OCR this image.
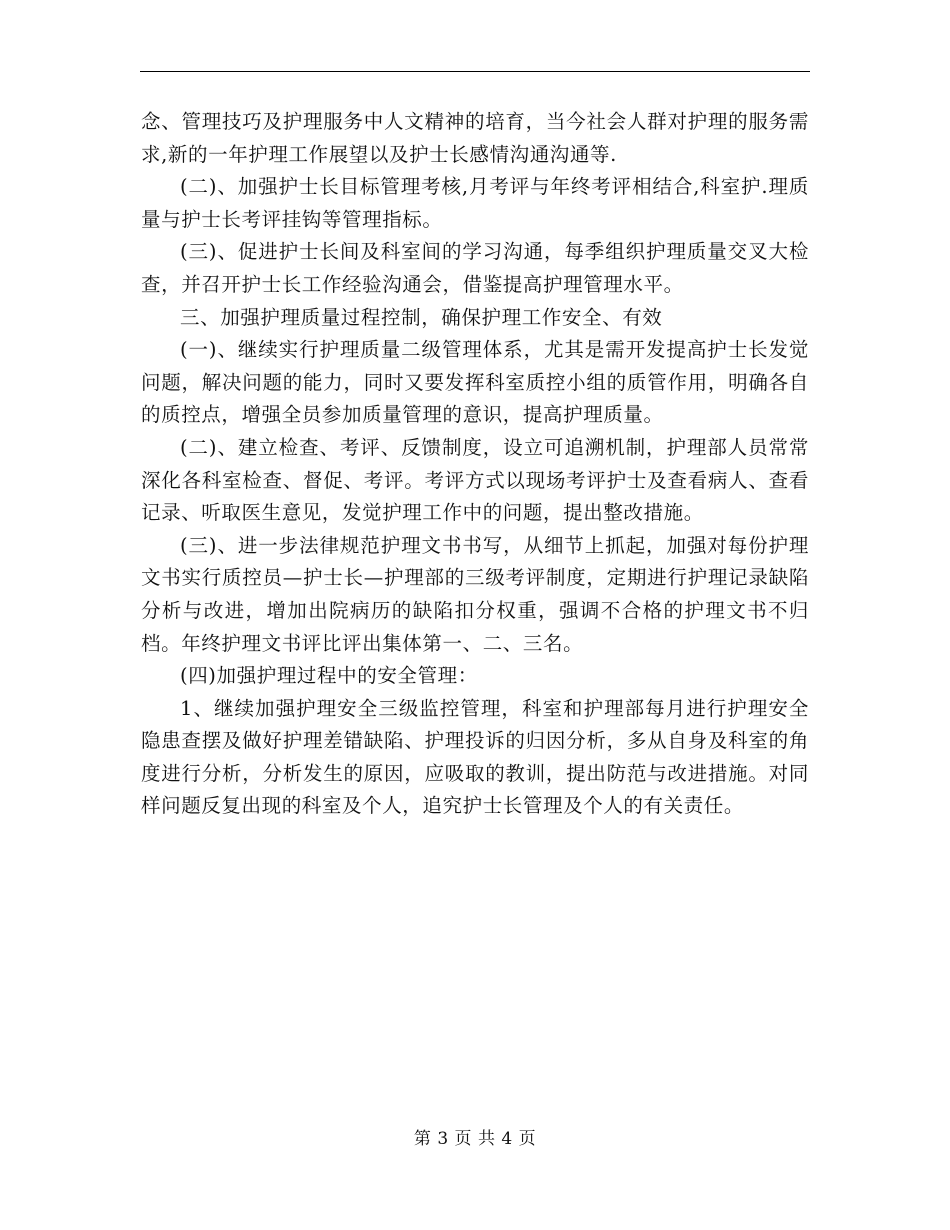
念、管理技巧及护理服务中人文精神的培育，当今社会人群对护理的服务需求,新的一年护理工作展望以及护士长感情沟通沟通等.

(二)、加强护士长目标管理考核,月考评与年终考评相结合,科室护.理质量与护士长考评挂钩等管理指标。

(三)、促进护士长间及科室间的学习沟通，每季组织护理质量交叉大检查，并召开护士长工作经验沟通会，借鉴提高护理管理水平。

三、加强护理质量过程控制，确保护理工作安全、有效

(一)、继续实行护理质量二级管理体系，尤其是需开发提高护士长发觉问题，解决问题的能力，同时又要发挥科室质控小组的质管作用，明确各自的质控点，增强全员参加质量管理的意识，提高护理质量。

(二)、建立检查、考评、反馈制度，设立可追溯机制，护理部人员常常深化各科室检查、督促、考评。考评方式以现场考评护士及查看病人、查看记录、听取医生意见，发觉护理工作中的问题，提出整改措施。

(三)、进一步法律规范护理文书书写，从细节上抓起，加强对每份护理文书实行质控员—护士长—护理部的三级考评制度，定期进行护理记录缺陷分析与改进，增加出院病历的缺陷扣分权重，强调不合格的护理文书不归档。年终护理文书评比评出集体第一、二、三名。

(四)加强护理过程中的安全管理：

1、继续加强护理安全三级监控管理，科室和护理部每月进行护理安全隐患查摆及做好护理差错缺陷、护理投诉的归因分析，多从自身及科室的角度进行分析，分析发生的原因，应吸取的教训，提出防范与改进措施。对同样问题反复出现的科室及个人，追究护士长管理及个人的有关责任。

第 3 页 共 4 页
